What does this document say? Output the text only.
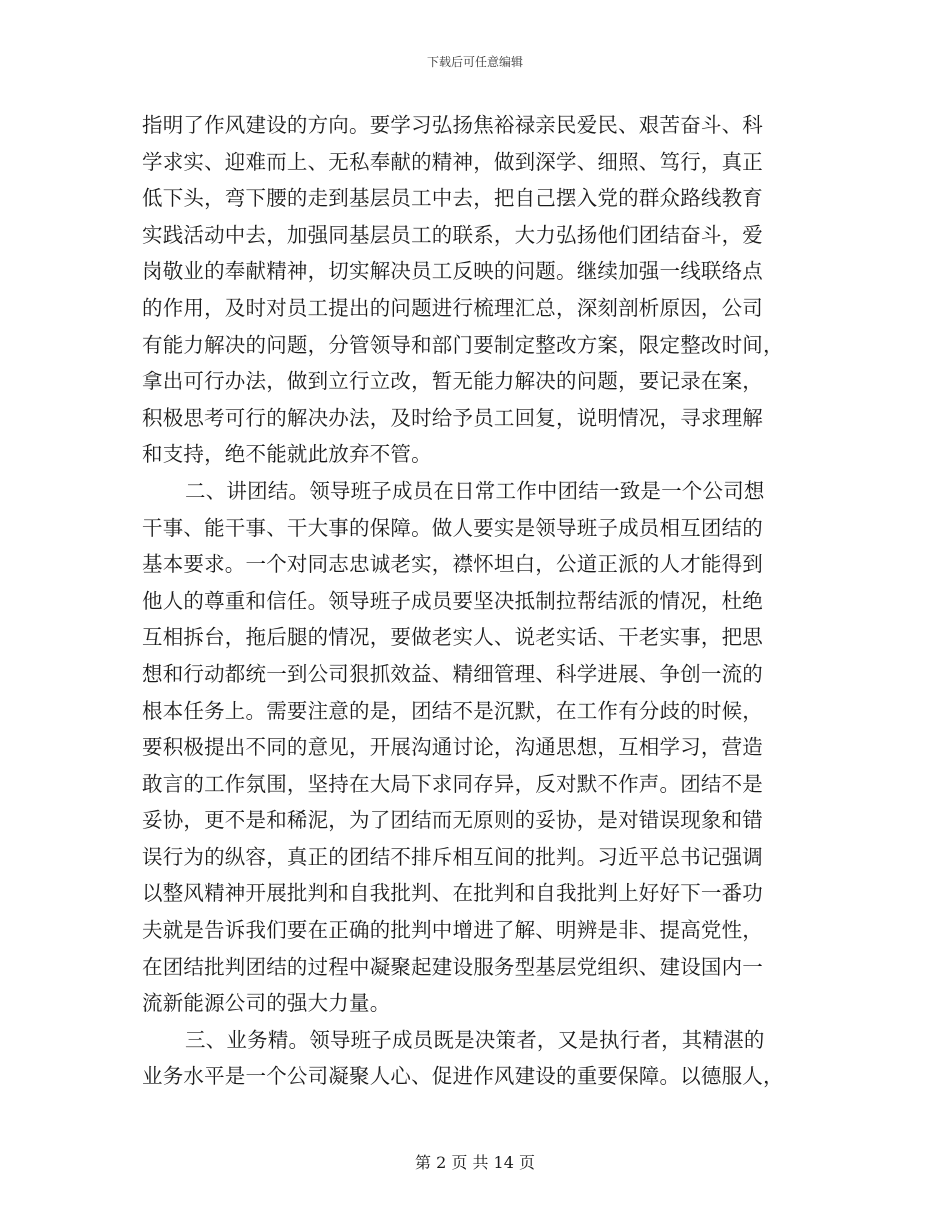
下载后可任意编辑
指明了作风建设的方向。要学习弘扬焦裕禄亲民爱民、艰苦奋斗、科
学求实、迎难而上、无私奉献的精神，做到深学、细照、笃行，真正
低下头，弯下腰的走到基层员工中去，把自己摆入党的群众路线教育
实践活动中去，加强同基层员工的联系，大力弘扬他们团结奋斗，爱
岗敬业的奉献精神，切实解决员工反映的问题。继续加强一线联络点
的作用，及时对员工提出的问题进行梳理汇总，深刻剖析原因，公司
有能力解决的问题，分管领导和部门要制定整改方案，限定整改时间，
拿出可行办法，做到立行立改，暂无能力解决的问题，要记录在案，
积极思考可行的解决办法，及时给予员工回复，说明情况，寻求理解
和支持，绝不能就此放弃不管。
二、讲团结。领导班子成员在日常工作中团结一致是一个公司想
干事、能干事、干大事的保障。做人要实是领导班子成员相互团结的
基本要求。一个对同志忠诚老实，襟怀坦白，公道正派的人才能得到
他人的尊重和信任。领导班子成员要坚决抵制拉帮结派的情况，杜绝
互相拆台，拖后腿的情况，要做老实人、说老实话、干老实事，把思
想和行动都统一到公司狠抓效益、精细管理、科学进展、争创一流的
根本任务上。需要注意的是，团结不是沉默，在工作有分歧的时候，
要积极提出不同的意见，开展沟通讨论，沟通思想，互相学习，营造
敢言的工作氛围，坚持在大局下求同存异，反对默不作声。团结不是
妥协，更不是和稀泥，为了团结而无原则的妥协，是对错误现象和错
误行为的纵容，真正的团结不排斥相互间的批判。习近平总书记强调
以整风精神开展批判和自我批判、在批判和自我批判上好好下一番功
夫就是告诉我们要在正确的批判中增进了解、明辨是非、提高党性，
在团结批判团结的过程中凝聚起建设服务型基层党组织、建设国内一
流新能源公司的强大力量。
三、业务精。领导班子成员既是决策者，又是执行者，其精湛的
业务水平是一个公司凝聚人心、促进作风建设的重要保障。以德服人，
第 2 页 共 14 页
